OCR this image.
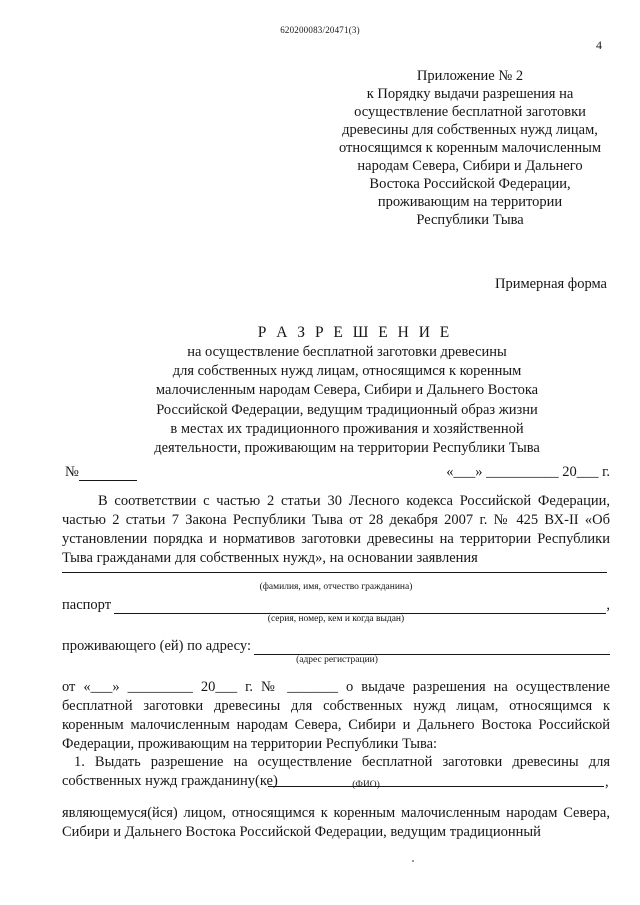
620200083/20471(3)
4
Приложение № 2
к Порядку выдачи разрешения на
осуществление бесплатной заготовки
древесины для собственных нужд лицам,
относящимся к коренным малочисленным
народам Севера, Сибири и Дальнего
Востока Российской Федерации,
проживающим на территории
Республики Тыва
Примерная форма
Р А З Р Е Ш Е Н И Е
на осуществление бесплатной заготовки древесины
для собственных нужд лицам, относящимся к коренным
малочисленным народам Севера, Сибири и Дальнего Востока
Российской Федерации, ведущим традиционный образ жизни
в местах их традиционного проживания и хозяйственной
деятельности, проживающим на территории Республики Тыва
№	«___» __________ 20___ г.
В соответствии с частью 2 статьи 30 Лесного кодекса Российской Федерации, частью 2 статьи 7 Закона Республики Тыва от 28 декабря 2007 г. № 425 ВХ-II «Об установлении порядка и нормативов заготовки древесины на территории Республики Тыва гражданами для собственных нужд», на основании заявления
(фамилия, имя, отчество гражданина)
паспорт	,
(серия, номер, кем и когда выдан)
проживающего (ей) по адресу:
(адрес регистрации)
от «___» _________ 20___ г. № _______ о выдаче разрешения на осуществление бесплатной заготовки древесины для собственных нужд лицам, относящимся к коренным малочисленным народам Севера, Сибири и Дальнего Востока Российской Федерации, проживающим на территории Республики Тыва:
1. Выдать разрешение на осуществление бесплатной заготовки древесины для собственных нужд гражданину(ке)	(ФИО)	,
являющемуся(йся) лицом, относящимся к коренным малочисленным народам Севера, Сибири и Дальнего Востока Российской Федерации, ведущим традиционный
